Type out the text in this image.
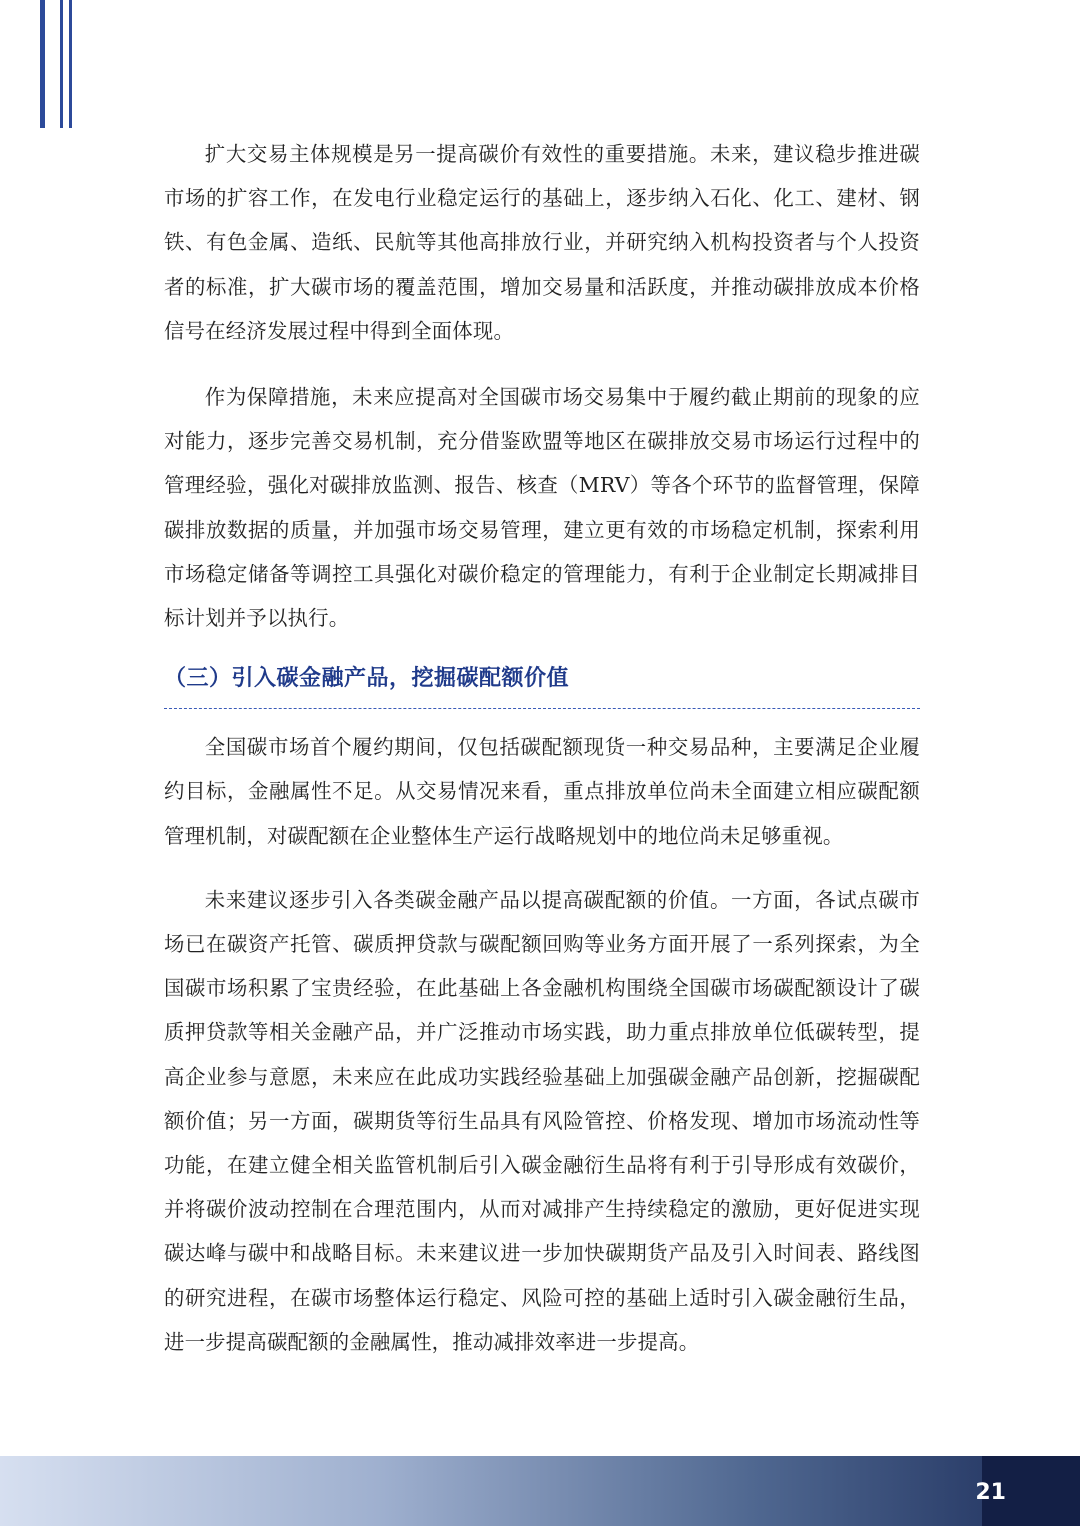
扩大交易主体规模是另一提高碳价有效性的重要措施。未来，建议稳步推进碳市场的扩容工作，在发电行业稳定运行的基础上，逐步纳入石化、化工、建材、钢铁、有色金属、造纸、民航等其他高排放行业，并研究纳入机构投资者与个人投资者的标准，扩大碳市场的覆盖范围，增加交易量和活跃度，并推动碳排放成本价格信号在经济发展过程中得到全面体现。

作为保障措施，未来应提高对全国碳市场交易集中于履约截止期前的现象的应对能力，逐步完善交易机制，充分借鉴欧盟等地区在碳排放交易市场运行过程中的管理经验，强化对碳排放监测、报告、核查（MRV）等各个环节的监督管理，保障碳排放数据的质量，并加强市场交易管理，建立更有效的市场稳定机制，探索利用市场稳定储备等调控工具强化对碳价稳定的管理能力，有利于企业制定长期减排目标计划并予以执行。

（三）引入碳金融产品，挖掘碳配额价值

全国碳市场首个履约期间，仅包括碳配额现货一种交易品种，主要满足企业履约目标，金融属性不足。从交易情况来看，重点排放单位尚未全面建立相应碳配额管理机制，对碳配额在企业整体生产运行战略规划中的地位尚未足够重视。

未来建议逐步引入各类碳金融产品以提高碳配额的价值。一方面，各试点碳市场已在碳资产托管、碳质押贷款与碳配额回购等业务方面开展了一系列探索，为全国碳市场积累了宝贵经验，在此基础上各金融机构围绕全国碳市场碳配额设计了碳质押贷款等相关金融产品，并广泛推动市场实践，助力重点排放单位低碳转型，提高企业参与意愿，未来应在此成功实践经验基础上加强碳金融产品创新，挖掘碳配额价值；另一方面，碳期货等衍生品具有风险管控、价格发现、增加市场流动性等功能，在建立健全相关监管机制后引入碳金融衍生品将有利于引导形成有效碳价，并将碳价波动控制在合理范围内，从而对减排产生持续稳定的激励，更好促进实现碳达峰与碳中和战略目标。未来建议进一步加快碳期货产品及引入时间表、路线图的研究进程，在碳市场整体运行稳定、风险可控的基础上适时引入碳金融衍生品，进一步提高碳配额的金融属性，推动减排效率进一步提高。

21
